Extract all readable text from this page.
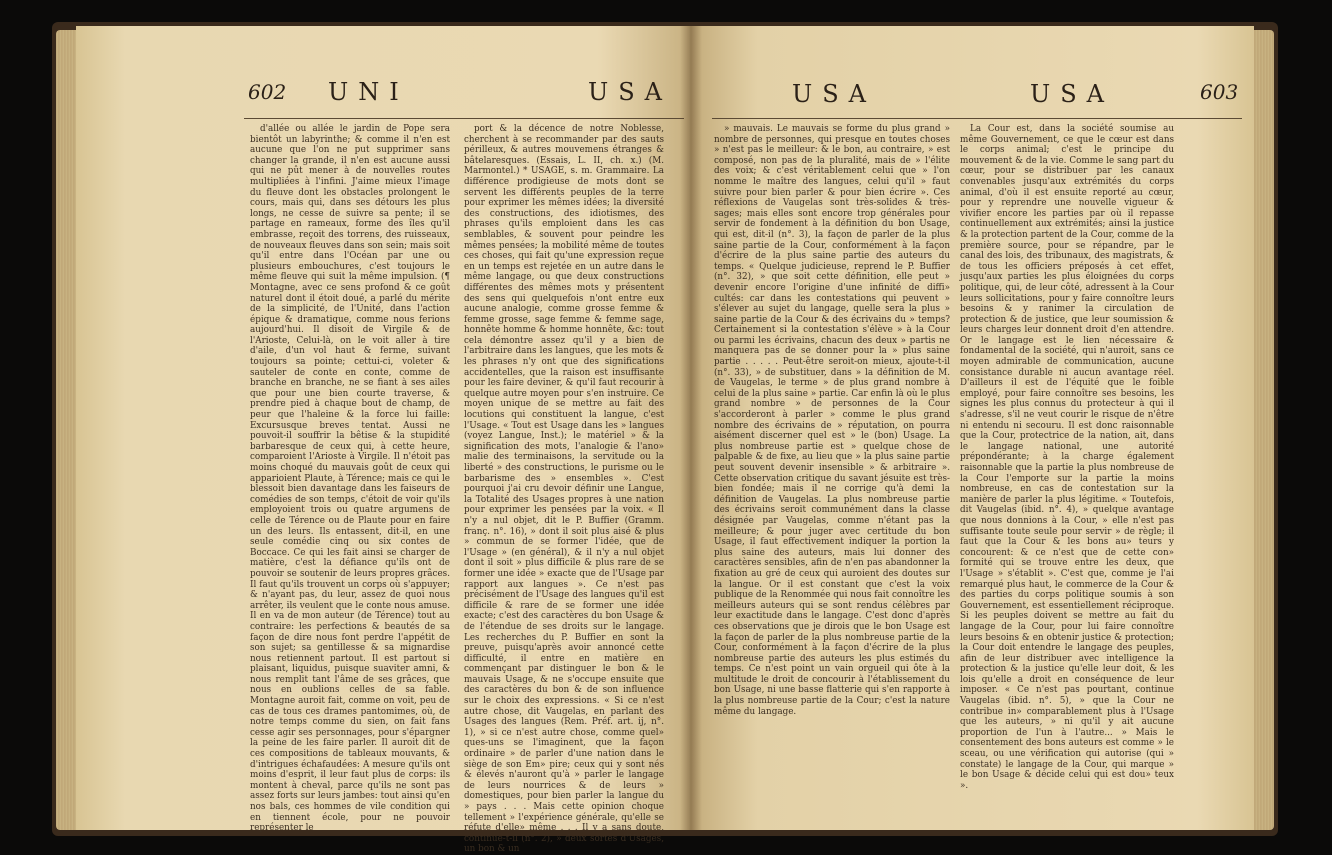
602 UNI	USA

d'allée ou allée le jardin de Pope sera bientôt un labyrinthe; & comme il n'en est aucune que l'on ne put supprimer sans changer la grande, il n'en est aucune aussi qui ne pût mener à de nouvelles routes multipliées à l'infini. J'aime mieux l'image du fleuve dont les obstacles prolongent le cours, mais qui, dans ses détours les plus longs, ne cesse de suivre sa pente; il se partage en rameaux, forme des îles qu'il embrasse, reçoit des torrens, des ruisseaux, de nouveaux fleuves dans son sein; mais soit qu'il entre dans l'Océan par une ou plusieurs embouchures, c'est toujours le même fleuve qui suit la même impulsion. (¶ Montagne, avec ce sens profond & ce goût naturel dont il étoit doué, a parlé du mérite de la simplicité, de l'Unité, dans l'action épique & dramatique, comme nous ferions aujourd'hui. Il disoit de Virgile & de l'Arioste, Celui-là, on le voit aller à tire d'aile, d'un vol haut & ferme, suivant toujours sa pointe; cettui-ci, voleter & sauteler de conte en conte, comme de branche en branche, ne se fiant à ses ailes que pour une bien courte traverse, & prendre pied à chaque bout de champ, de peur que l'haleine & la force lui faille: Excursusque breves tentat. Aussi ne pouvoit-il souffrir la bêtise & la stupidité barbaresque de ceux qui, à cette heure, comparoient l'Arioste à Virgile. Il n'étoit pas moins choqué du mauvais goût de ceux qui apparioient Plaute, à Térence; mais ce qui le blessoit bien davantage dans les faiseurs de comédies de son temps, c'étoit de voir qu'ils employoient trois ou quatre argumens de celle de Térence ou de Plaute pour en faire un des leurs. Ils entassent, dit-il, en une seule comédie cinq ou six contes de Boccace. Ce qui les fait ainsi se charger de matière, c'est la défiance qu'ils ont de pouvoir se soutenir de leurs propres grâces. Il faut qu'ils trouvent un corps où s'appuyer; & n'ayant pas, du leur, assez de quoi nous arrêter, ils veulent que le conte nous amuse. Il en va de mon auteur (de Térence) tout au contraire: les perfections & beautés de sa façon de dire nous font perdre l'appétit de son sujet; sa gentillesse & sa mignardise nous retiennent partout. Il est partout si plaisant, liquidus, puisque suaviter amni, & nous remplit tant l'âme de ses grâces, que nous en oublions celles de sa fable. Montagne auroit fait, comme on voit, peu de cas de tous ces drames pantomimes, où, de notre temps comme du sien, on fait fans cesse agir ses personnages, pour s'épargner la peine de les faire parler. Il auroit dit de ces compositions de tableaux mouvants, & d'intrigues échafaudées: A mesure qu'ils ont moins d'esprit, il leur faut plus de corps: ils montent à cheval, parce qu'ils ne sont pas assez forts sur leurs jambes: tout ainsi qu'en nos bals, ces hommes de vile condition qui en tiennent école, pour ne pouvoir représenter le

port & la décence de notre Noblesse, cherchent à se recommander par des sauts périlleux, & autres mouvemens étranges & bâtelaresques. (Essais, L. II, ch. x.) (M. Marmontel.) * USAGE, s. m. Grammaire. La différence prodigieuse de mots dont se servent les différents peuples de la terre pour exprimer les mêmes idées; la diversité des constructions, des idiotismes, des phrases qu'ils emploient dans les cas semblables, & souvent pour peindre les mêmes pensées; la mobilité même de toutes ces choses, qui fait qu'une expression reçue en un temps est rejetée en un autre dans le même langage, ou que deux constructions différentes des mêmes mots y présentent des sens qui quelquefois n'ont entre eux aucune analogie, comme grosse femme & femme grosse, sage femme & femme sage, honnête homme & homme honnête, &c: tout cela démontre assez qu'il y a bien de l'arbitraire dans les langues, que les mots & les phrases n'y ont que des significations accidentelles, que la raison est insuffisante pour les faire deviner, & qu'il faut recourir à quelque autre moyen pour s'en instruire. Ce moyen unique de se mettre au fait des locutions qui constituent la langue, c'est l'Usage. « Tout est Usage dans les » langues (voyez Langue, Inst.); le matériel » & la signification des mots, l'analogie & l'ano» malie des terminaisons, la servitude ou la liberté » des constructions, le purisme ou le barbarisme des » ensembles ». C'est pourquoi j'ai cru devoir définir une Langue, la Totalité des Usages propres à une nation pour exprimer les pensées par la voix. « Il n'y a nul objet, dit le P. Buffier (Gramm. franç. n°. 16), » dont il soit plus aisé & plus » commun de se former l'idée, que de l'Usage » (en général), & il n'y a nul objet dont il soit » plus difficile & plus rare de se former une idée » exacte que de l'Usage par rapport aux langues ». Ce n'est pas précisément de l'Usage des langues qu'il est difficile & rare de se former une idée exacte; c'est des caractères du bon Usage & de l'étendue de ses droits sur le langage. Les recherches du P. Buffier en sont la preuve, puisqu'après avoir annoncé cette difficulté, il entre en matière en commençant par distinguer le bon & le mauvais Usage, & ne s'occupe ensuite que des caractères du bon & de son influence sur le choix des expressions. « Si ce n'est autre chose, dit Vaugelas, en parlant des Usages des langues (Rem. Préf. art. ij, n°. 1), » si ce n'est autre chose, comme quel» ques-uns se l'imaginent, que la façon ordinaire » de parler d'une nation dans le siège de son Em» pire; ceux qui y sont nés & élevés n'auront qu'à » parler le langage de leurs nourrices & de leurs » domestiques, pour bien parler la langue du » pays . . . Mais cette opinion choque tellement » l'expérience générale, qu'elle se réfute d'elle» même . . . Il y a sans doute, continue-t-il (n°. 2), » deux sortes d'Usages, un bon & un

USA	USA	603

» mauvais. Le mauvais se forme du plus grand » nombre de personnes, qui presque en toutes choses » n'est pas le meilleur: & le bon, au contraire, » est composé, non pas de la pluralité, mais de » l'élite des voix; & c'est véritablement celui que » l'on nomme le maître des langues, celui qu'il » faut suivre pour bien parler & pour bien écrire ». Ces réflexions de Vaugelas sont très-solides & très-sages; mais elles sont encore trop générales pour servir de fondement à la définition du bon Usage, qui est, dit-il (n°. 3), la façon de parler de la plus saine partie de la Cour, conformément à la façon d'écrire de la plus saine partie des auteurs du temps. « Quelque judicieuse, reprend le P. Buffier (n°. 32), » que soit cette définition, elle peut » devenir encore l'origine d'une infinité de diffi» cultés: car dans les contestations qui peuvent » s'élever au sujet du langage, quelle sera la plus » saine partie de la Cour & des écrivains du » temps? Certainement si la contestation s'élève » à la Cour ou parmi les écrivains, chacun des deux » partis ne manquera pas de se donner pour la » plus saine partie . . . . . Peut-être seroit-on mieux, ajoute-t-il (n°. 33), » de substituer, dans » la définition de M. de Vaugelas, le terme » de plus grand nombre à celui de la plus saine » partie. Car enfin là où le plus grand nombre » de personnes de la Cour s'accorderont à parler » comme le plus grand nombre des écrivains de » réputation, on pourra aisément discerner quel est » le (bon) Usage. La plus nombreuse partie est » quelque chose de palpable & de fixe, au lieu que » la plus saine partie peut souvent devenir insensible » & arbitraire ». Cette observation critique du savant jésuite est très-bien fondée; mais il ne corrige qu'à demi la définition de Vaugelas. La plus nombreuse partie des écrivains seroit communément dans la classe désignée par Vaugelas, comme n'étant pas la meilleure; & pour juger avec certitude du bon Usage, il faut effectivement indiquer la portion la plus saine des auteurs, mais lui donner des caractères sensibles, afin de n'en pas abandonner la fixation au gré de ceux qui auroient des doutes sur la langue. Or il est constant que c'est la voix publique de la Renommée qui nous fait connoître les meilleurs auteurs qui se sont rendus célèbres par leur exactitude dans le langage. C'est donc d'après ces observations que je dirois que le bon Usage est la façon de parler de la plus nombreuse partie de la Cour, conformément à la façon d'écrire de la plus nombreuse partie des auteurs les plus estimés du temps. Ce n'est point un vain orgueil qui ôte à la multitude le droit de concourir à l'établissement du bon Usage, ni une basse flatterie qui s'en rapporte à la plus nombreuse partie de la Cour; c'est la nature même du langage.

La Cour est, dans la société soumise au même Gouvernement, ce que le cœur est dans le corps animal; c'est le principe du mouvement & de la vie. Comme le sang part du cœur, pour se distribuer par les canaux convenables jusqu'aux extrémités du corps animal, d'où il est ensuite reporté au cœur, pour y reprendre une nouvelle vigueur & vivifier encore les parties par où il repasse continuellement aux extrémités; ainsi la justice & la protection partent de la Cour, comme de la première source, pour se répandre, par le canal des lois, des tribunaux, des magistrats, & de tous les officiers préposés à cet effet, jusqu'aux parties les plus éloignées du corps politique, qui, de leur côté, adressent à la Cour leurs sollicitations, pour y faire connoître leurs besoins & y ranimer la circulation de protection & de justice, que leur soumission & leurs charges leur donnent droit d'en attendre. Or le langage est le lien nécessaire & fondamental de la société, qui n'auroit, sans ce moyen admirable de communication, aucune consistance durable ni aucun avantage réel. D'ailleurs il est de l'équité que le foible employé, pour faire connoître ses besoins, les signes les plus connus du protecteur à qui il s'adresse, s'il ne veut courir le risque de n'être ni entendu ni secouru. Il est donc raisonnable que la Cour, protectrice de la nation, ait, dans le langage national, une autorité prépondérante; à la charge également raisonnable que la partie la plus nombreuse de la Cour l'emporte sur la partie la moins nombreuse, en cas de contestation sur la manière de parler la plus légitime. « Toutefois, dit Vaugelas (ibid. n°. 4), » quelque avantage que nous donnions à la Cour, » elle n'est pas suffisante toute seule pour servir » de règle; il faut que la Cour & les bons au» teurs y concourent: & ce n'est que de cette con» formité qui se trouve entre les deux, que l'Usage » s'établit ». C'est que, comme je l'ai remarqué plus haut, le commerce de la Cour & des parties du corps politique soumis à son Gouvernement, est essentiellement réciproque. Si les peuples doivent se mettre au fait du langage de la Cour, pour lui faire connoître leurs besoins & en obtenir justice & protection; la Cour doit entendre le langage des peuples, afin de leur distribuer avec intelligence la protection & la justice qu'elle leur doit, & les lois qu'elle a droit en conséquence de leur imposer. « Ce n'est pas pourtant, continue Vaugelas (ibid. n°. 5), » que la Cour ne contribue in» comparablement plus à l'Usage que les auteurs, » ni qu'il y ait aucune proportion de l'un à l'autre... » Mais le consentement des bons auteurs est comme » le sceau, ou une vérification qui autorise (qui » constate) le langage de la Cour, qui marque » le bon Usage & décide celui qui est dou» teux ».
